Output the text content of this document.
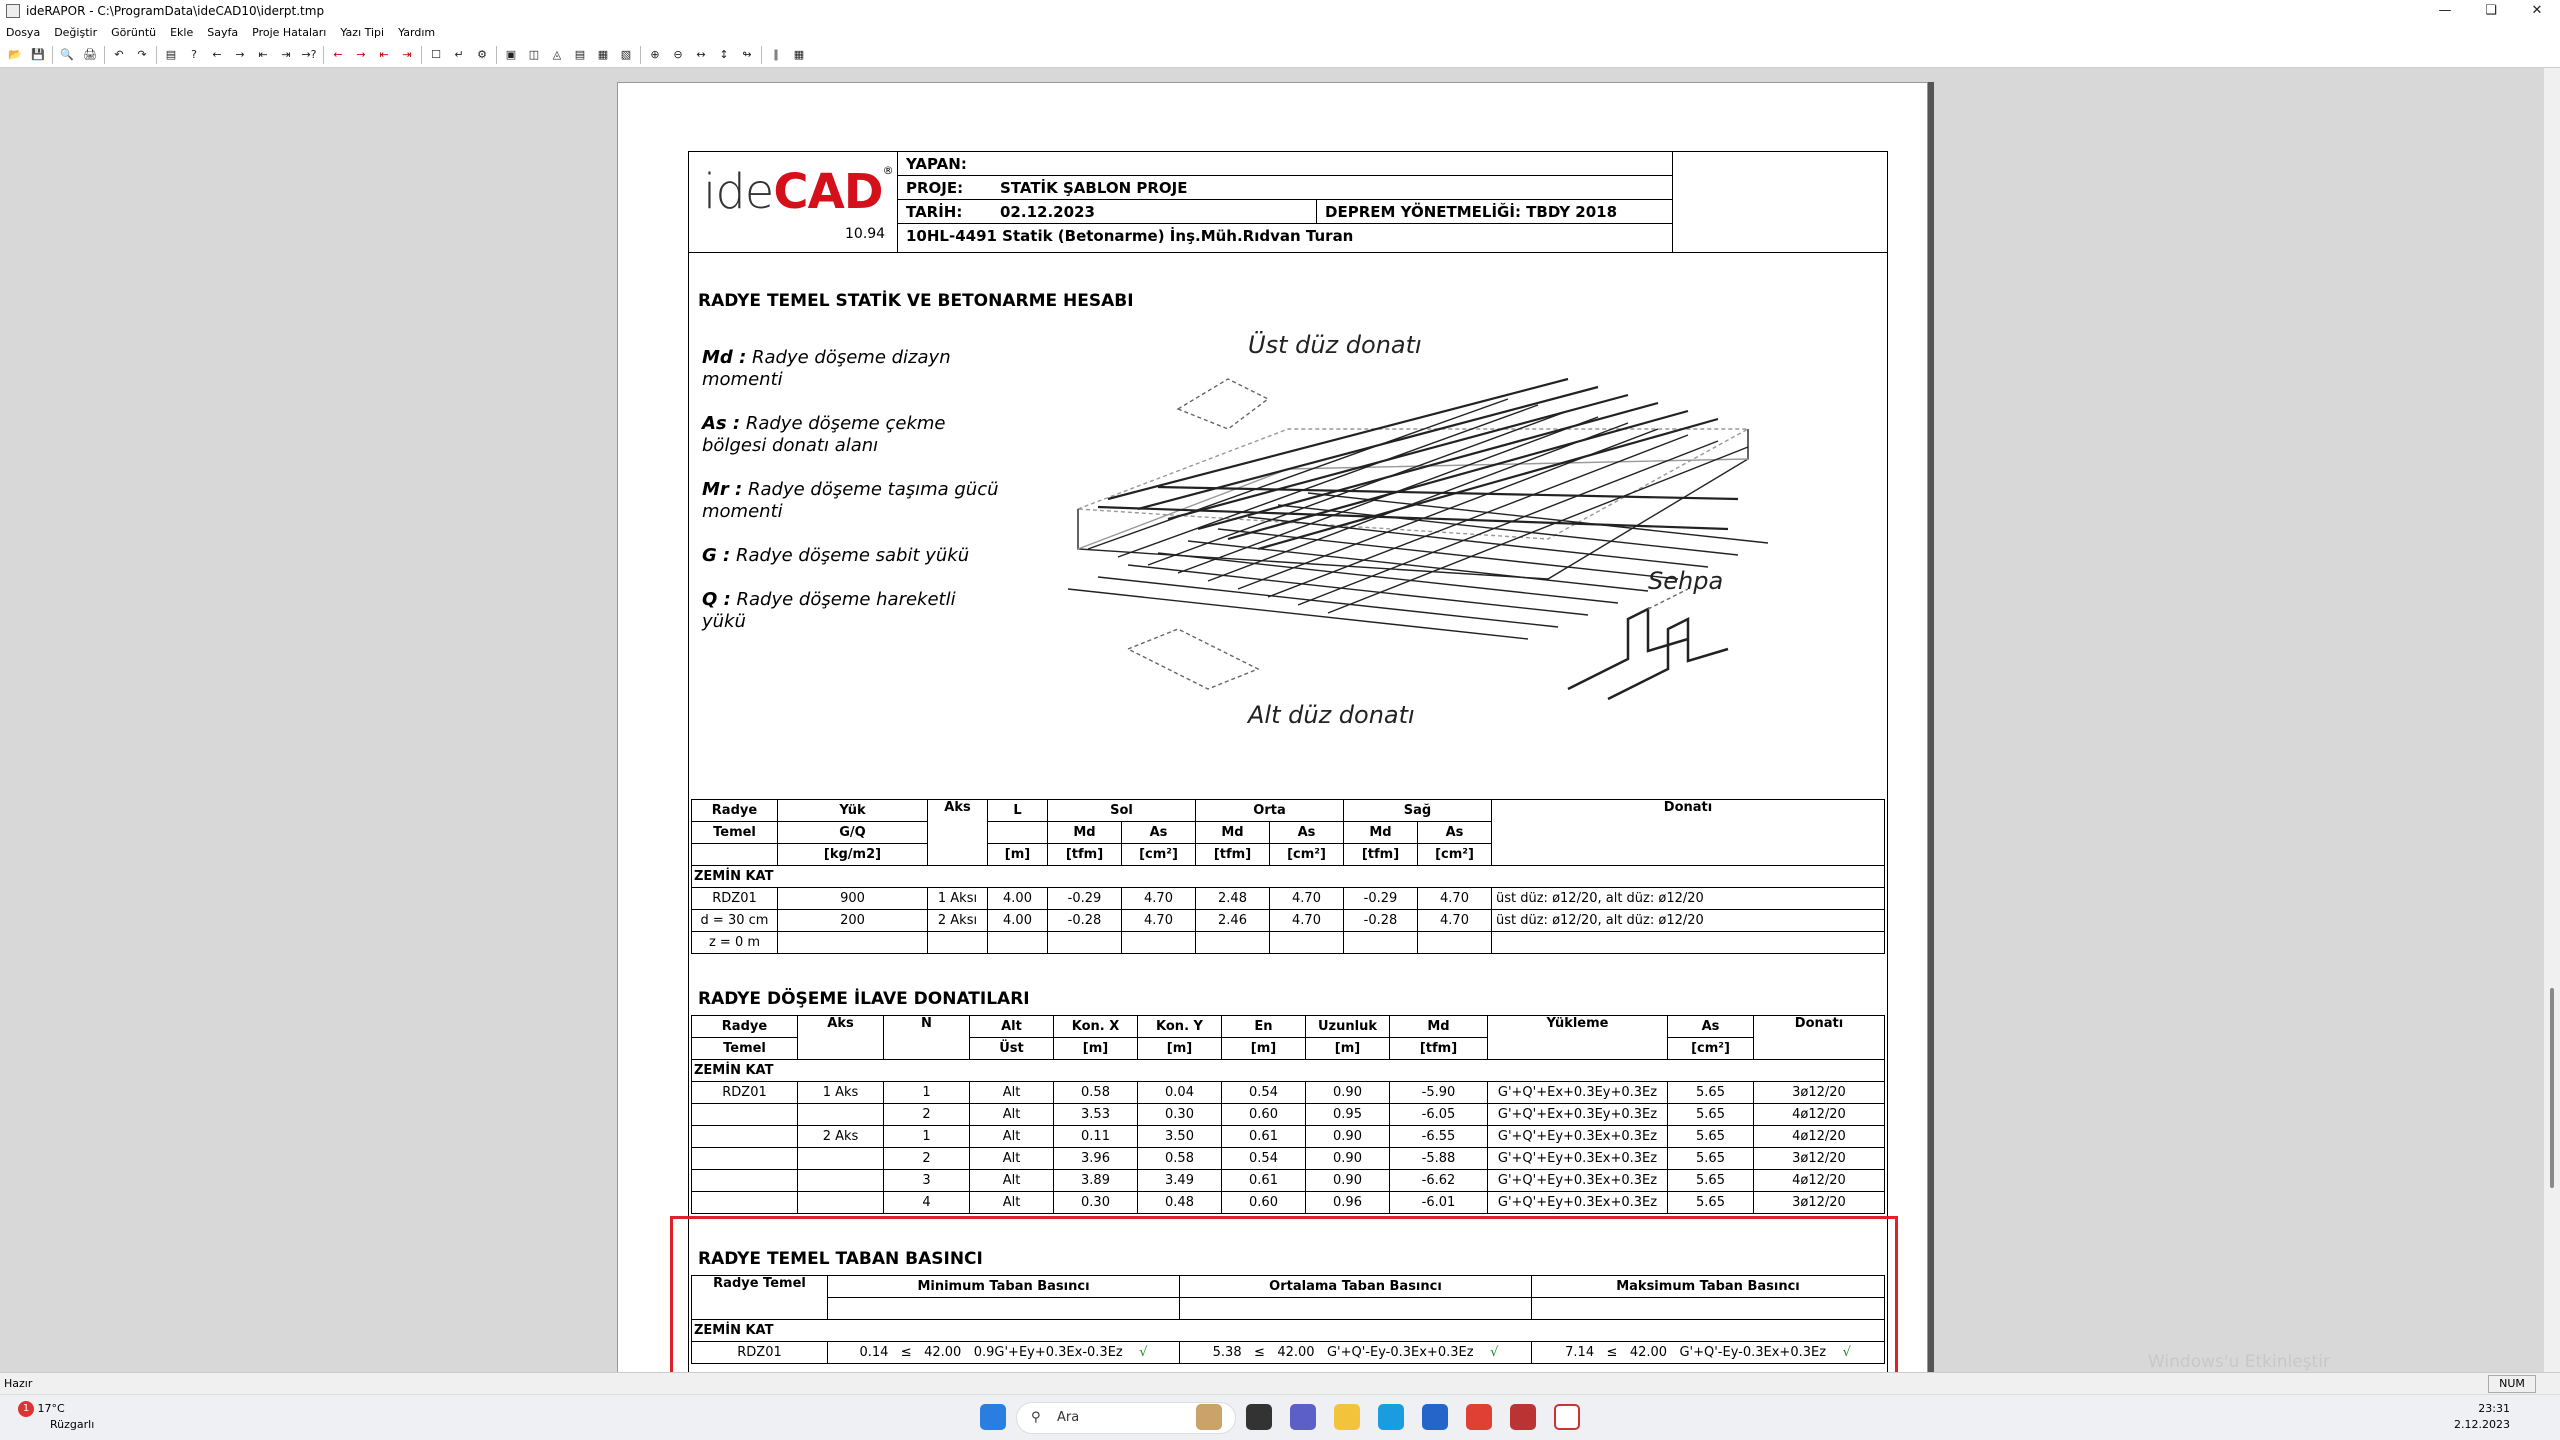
ideRAPOR - C:\ProgramData\ideCAD10\iderpt.tmp	—	❏	✕
Dosya Değiştir Görüntü Ekle Sayfa Proje Hataları Yazı Tipi Yardım
📂 💾 🔍 🖨	↶	↷	▤	?	←	→	⇤	⇥ →?	←	→	⇤	⇥	☐	↵	⚙	▣	◫	◬	▤	▦	▧	⊕	⊖	↔	↕	↬	∥	▦
ideCAD®
10.94
YAPAN:
PROJE: STATİK ŞABLON PROJE
TARİH:	02.12.2023	DEPREM YÖNETMELİĞİ: TBDY 2018
10HL-4491 Statik (Betonarme) İnş.Müh.Rıdvan Turan
RADYE TEMEL STATİK VE BETONARME HESABI

Md : Radye döşeme dizayn momenti

As : Radye döşeme çekme bölgesi donatı alanı

Mr : Radye döşeme taşıma gücü momenti

G : Radye döşeme sabit yükü

Q : Radye döşeme hareketli yükü

Üst düz donatı
Alt düz donatı
Sehpa
Radye	Yük	Aks	L	Sol		Orta		Sağ		Donatı
Temel	G/Q			Md	As	Md	As	Md	As	
	[kg/m2]		[m]	[tfm]	[cm²]	[tfm]	[cm²]	[tfm]	[cm²]	
ZEMİN KAT										
RDZ01	900	1 Aksı	4.00	-0.29	4.70	2.48	4.70	-0.29	4.70	üst düz: ø12/20, alt düz: ø12/20
d = 30 cm	200	2 Aksı	4.00	-0.28	4.70	2.46	4.70	-0.28	4.70	üst düz: ø12/20, alt düz: ø12/20
z = 0 m										
RADYE DÖŞEME İLAVE DONATILARI
Radye	Aks	N	Alt	Kon. X	Kon. Y	En	Uzunluk	Md	Yükleme	As	Donatı
Temel			Üst	[m]	[m]	[m]	[m]	[tfm]		[cm²]	
ZEMİN KAT											
RDZ01	1 Aks	1	Alt	0.58	0.04	0.54	0.90	-5.90	G'+Q'+Ex+0.3Ey+0.3Ez	5.65	3ø12/20
		2	Alt	3.53	0.30	0.60	0.95	-6.05	G'+Q'+Ex+0.3Ey+0.3Ez	5.65	4ø12/20
	2 Aks	1	Alt	0.11	3.50	0.61	0.90	-6.55	G'+Q'+Ey+0.3Ex+0.3Ez	5.65	4ø12/20
		2	Alt	3.96	0.58	0.54	0.90	-5.88	G'+Q'+Ey+0.3Ex+0.3Ez	5.65	3ø12/20
		3	Alt	3.89	3.49	0.61	0.90	-6.62	G'+Q'+Ey+0.3Ex+0.3Ez	5.65	4ø12/20
		4	Alt	0.30	0.48	0.60	0.96	-6.01	G'+Q'+Ey+0.3Ex+0.3Ez	5.65	3ø12/20
RADYE TEMEL TABAN BASINCI
Radye Temel	Minimum Taban Basıncı	Ortalama Taban Basıncı	Maksimum Taban Basıncı

ZEMİN KAT			
RDZ01	0.14 ≤ 42.00 0.9G'+Ey+0.3Ex-0.3Ez √	5.38 ≤ 42.00 G'+Q'-Ey-0.3Ex+0.3Ez √	7.14 ≤ 42.00 G'+Q'-Ey-0.3Ex+0.3Ez √	Windows'u Etkinleştir
Hazır	NUM
1 17°C
Rüzgarlı	⚲ Ara
23:31
2.12.2023
